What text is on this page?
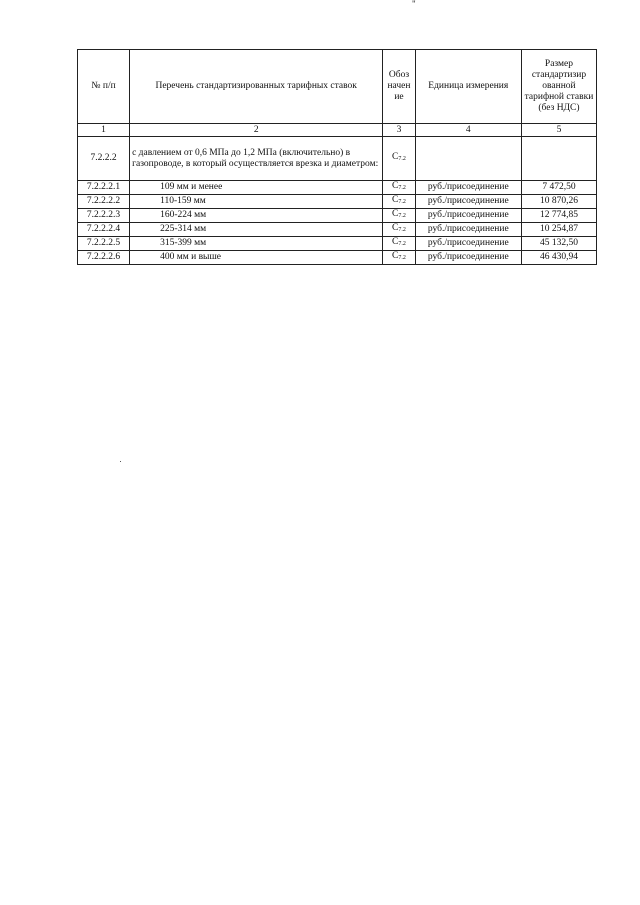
"
№ п/п	Перечень стандартизированных тарифных ставок	Обоз начен ие	Единица измерения	Размер стандартизир ованной тарифной ставки (без НДС)
1	2	3	4	5
7.2.2.2	с давлением от 0,6 МПа до 1,2 МПа (включительно) в газопроводе, в который осуществляется врезка и диаметром:	$C_{7.2}$		
7.2.2.2.1	109 мм и менее	$C_{7.2}$	руб./присоединение	7 472,50
7.2.2.2.2	110-159 мм	$C_{7.2}$	руб./присоединение	10 870,26
7.2.2.2.3	160-224 мм	$C_{7.2}$	руб./присоединение	12 774,85
7.2.2.2.4	225-314 мм	$C_{7.2}$	руб./присоединение	10 254,87
7.2.2.2.5	315-399 мм	$C_{7.2}$	руб./присоединение	45 132,50
7.2.2.2.6	400 мм и выше	$C_{7.2}$	руб./присоединение	46 430,94
